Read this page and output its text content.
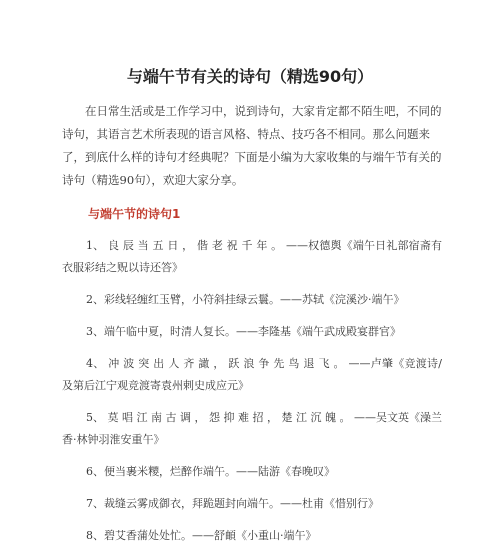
与端午节有关的诗句（精选90句）

在日常生活或是工作学习中，说到诗句，大家肯定都不陌生吧，不同的诗句，其语言艺术所表现的语言风格、特点、技巧各不相同。那么问题来了，到底什么样的诗句才经典呢？下面是小编为大家收集的与端午节有关的诗句（精选90句），欢迎大家分享。

与端午节的诗句1

1、 良 辰 当 五 日 ， 偕 老 祝 千 年 。 ——权德舆《端午日礼部宿斋有衣服彩结之贶以诗还答》

2、彩线轻缠红玉臂，小符斜挂绿云鬟。——苏轼《浣溪沙·端午》

3、端午临中夏，时清人复长。——李隆基《端午武成殿宴群官》

4、 冲 波 突 出 人 齐 譀 ， 跃 浪 争 先 鸟 退 飞 。 ——卢肇《竞渡诗/及第后江宁观竞渡寄袁州剌史成应元》

5、 莫 唱 江 南 古 调 ， 怨 抑 难 招 ， 楚 江 沉 魄 。 ——吴文英《澡兰香·林钟羽淮安重午》

6、便当裹米糭，烂醉作端午。——陆游《春晚叹》

7、裁缝云雾成御衣，拜跪题封向端午。——杜甫《惜别行》

8、碧艾香蒲处处忙。——舒頔《小重山·端午》
